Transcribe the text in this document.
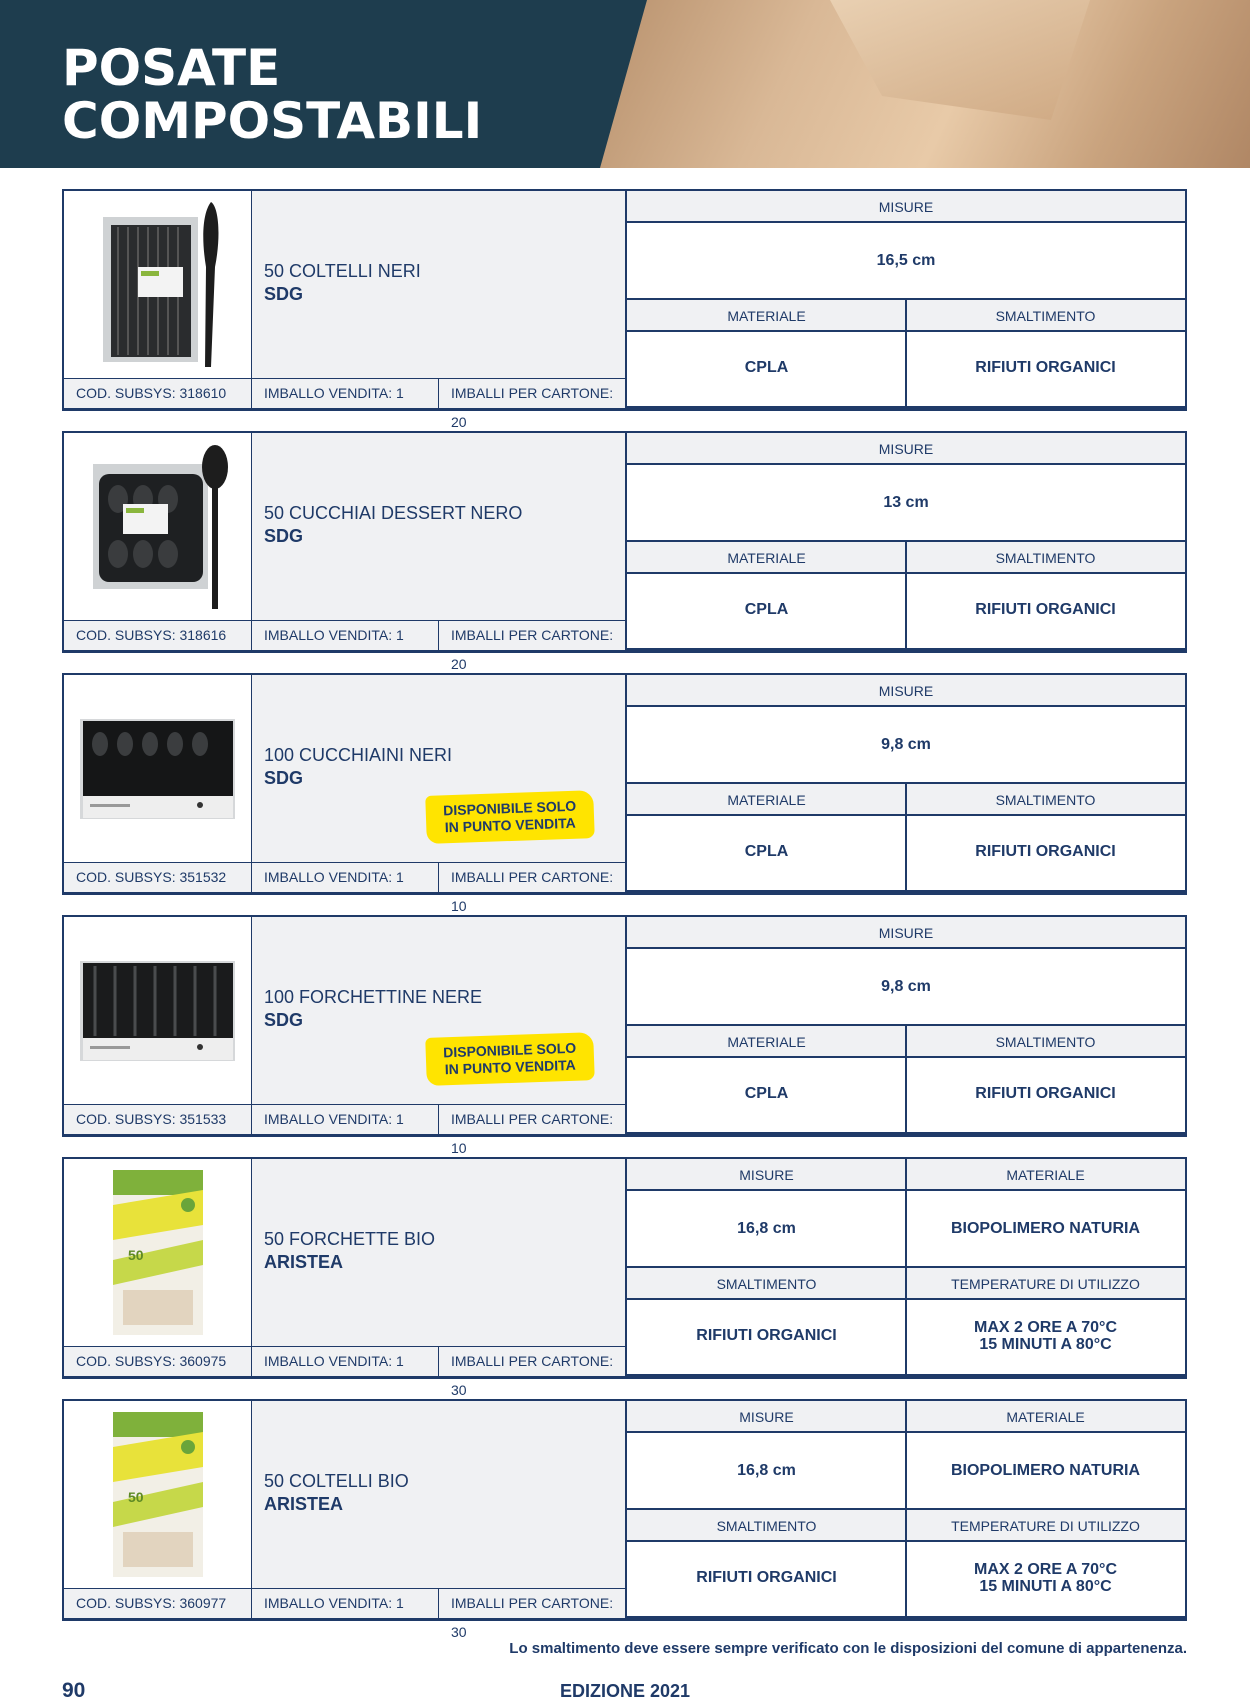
POSATE
COMPOSTABILI
50 COLTELLI NERI
SDG
COD. SUBSYS: 318610	IMBALLO VENDITA: 1	IMBALLI PER CARTONE: 20
MISURE
16,5 cm
MATERIALE	SMALTIMENTO
CPLA	RIFIUTI ORGANICI
50 CUCCHIAI DESSERT NERO
SDG
COD. SUBSYS: 318616	IMBALLO VENDITA: 1	IMBALLI PER CARTONE: 20
MISURE
13 cm
MATERIALE	SMALTIMENTO
CPLA	RIFIUTI ORGANICI
100 CUCCHIAINI NERI
SDG
DISPONIBILE SOLO
IN PUNTO VENDITA
COD. SUBSYS: 351532	IMBALLO VENDITA: 1	IMBALLI PER CARTONE: 10
MISURE
9,8 cm
MATERIALE	SMALTIMENTO
CPLA	RIFIUTI ORGANICI
100 FORCHETTINE NERE
SDG
DISPONIBILE SOLO
IN PUNTO VENDITA
COD. SUBSYS: 351533	IMBALLO VENDITA: 1	IMBALLI PER CARTONE: 10
MISURE
9,8 cm
MATERIALE	SMALTIMENTO
CPLA	RIFIUTI ORGANICI
50
50 FORCHETTE BIO
ARISTEA
COD. SUBSYS: 360975	IMBALLO VENDITA: 1	IMBALLI PER CARTONE: 30
MISURE	MATERIALE
16,8 cm	BIOPOLIMERO NATURIA
SMALTIMENTO	TEMPERATURE DI UTILIZZO
RIFIUTI ORGANICI	MAX 2 ORE A 70°C
15 MINUTI A 80°C
50
50 COLTELLI BIO
ARISTEA
COD. SUBSYS: 360977	IMBALLO VENDITA: 1	IMBALLI PER CARTONE: 30
MISURE	MATERIALE
16,8 cm	BIOPOLIMERO NATURIA
SMALTIMENTO	TEMPERATURE DI UTILIZZO
RIFIUTI ORGANICI	MAX 2 ORE A 70°C
15 MINUTI A 80°C
Lo smaltimento deve essere sempre verificato con le disposizioni del comune di appartenenza.
90	EDIZIONE 2021
